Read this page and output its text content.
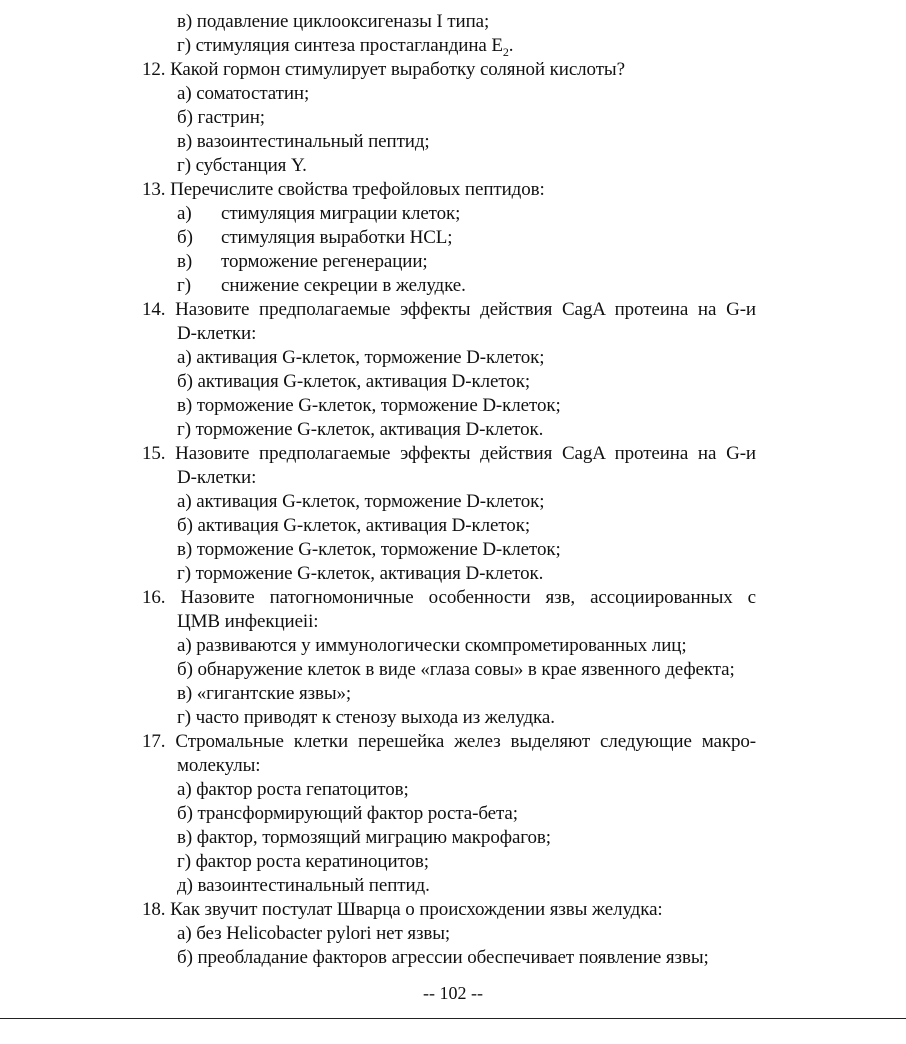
в) подавление циклооксигеназы I типа;
г) стимуляция синтеза простагландина $E_2$.
12. Какой гормон стимулирует выработку соляной кислоты?
а) соматостатин;
б) гастрин;
в) вазоинтестинальный пептид;
г) субстанция Y.
13. Перечислите свойства трефойловых пептидов:
а) стимуляция миграции клеток;
б) стимуляция выработки HCL;
в) торможение регенерации;
г) снижение секреции в желудке.
14. Назовите предполагаемые эффекты действия CagA протеина на G-и
D-клетки:
а) активация G-клеток, торможение D-клеток;
б) активация G-клеток, активация D-клеток;
в) торможение G-клеток, торможение D-клеток;
г) торможение G-клеток, активация D-клеток.
15. Назовите предполагаемые эффекты действия CagA протеина на G-и
D-клетки:
а) активация G-клеток, торможение D-клеток;
б) активация G-клеток, активация D-клеток;
в) торможение G-клеток, торможение D-клеток;
г) торможение G-клеток, активация D-клеток.
16. Назовите патогномоничные особенности язв, ассоциированных с
ЦМВ инфекциеii:
а) развиваются у иммунологически скомпрометированных лиц;
б) обнаружение клеток в виде «глаза совы» в крае язвенного дефекта;
в) «гигантские язвы»;
г) часто приводят к стенозу выхода из желудка.
17. Стромальные клетки перешейка желез выделяют следующие макро-
молекулы:
а) фактор роста гепатоцитов;
б) трансформирующий фактор роста-бета;
в) фактор, тормозящий миграцию макрофагов;
г) фактор роста кератиноцитов;
д) вазоинтестинальный пептид.
18. Как звучит постулат Шварца о происхождении язвы желудка:
а) без Helicobacter pylori нет язвы;
б) преобладание факторов агрессии обеспечивает появление язвы;
-- 102 --
